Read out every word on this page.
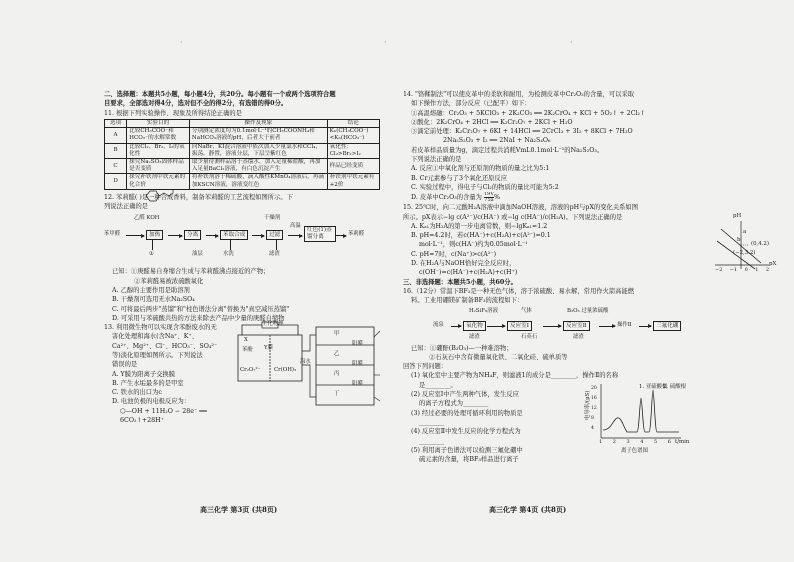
·	·	·
二、选择题：本题共5小题，每小题4分，共20分。每小题有一个或两个选项符合题
目要求，全部选对得4分，选对但不全的得2分，有选错的得0分。
11. 根据下列实验操作、现象及所得结论正确的是
选项	实验目的	操作及现象	结论
A	比较CH₃COO⁻和HCO₃⁻的水解常数	分别测定浓度均为0.1mol·L⁻¹的CH₃COONH₄和NaHCO₃溶液的pH，后者大于前者	Kₕ(CH₃COO⁻)<Kₕ(HCO₃⁻)
B	比较Cl₂、Br₂、I₂的氧化性	向NaBr、KI混合溶液中依次加入少量氯水和CCl₄，振荡，静置，溶液分层，下层呈紫红色	氧化性：Cl₂>Br₂>I₂
C	探究Na₂SO₃固体样品是否变质	取少量待测样品溶于蒸馏水，加入足量稀盐酸，再加入足量BaCl₂溶液，有白色沉淀产生	样品已经变质
D	探究补铁剂中铁元素的化合价	将补铁剂溶于稀硫酸，滴入酸性KMnO₄溶液后，再滴加KSCN溶液，溶液变红色	补铁剂中铁元素有+2价
12. 苯莉醛( )是一种合成香料，制备苯莉醛的工艺流程如图所示。下
列说法正确的是
苯甲醛
乙醛 KOH
加热	分离	苯取合成
干燥剂
过滤
高温
红色(1)蒸馏分离	苯莉醛
①	水洗	滤渣
油层
已知：①庚醛易自身缩合生成与苯莉醛沸点接近的产物；
②苯莉醛易被浓硫酸氧化
A. 乙醇的主要作用是助溶剂
B. 干燥剂可选用无水Na₂SO₄
C. 可将最后两步"蒸馏"和"柱色谱法分离"替换为"真空减压蒸馏"
D. 可采用与苯硫酸共热的方法来除去产品中少量的庚醛自缩物
13. 利用微生物可以实现含苯酚废水的无
害化处理和海水(含Na⁺、K⁺、
Ca²⁺、Mg²⁺、Cl⁻、HCO₃⁻、SO₄²⁻
等)淡化原理如图所示。下列说法
错误的是
A. Y膜为阳离子交换膜
B. 产生水垢最多的是甲室
C. 铁水的出口为c
D. 电池负极的电极反应为：
⬡—OH + 11H₂O − 28e⁻ ══
6CO₂↑+28H⁺
生化物理
X
Y膜
苯酚
Cr₂O₇²⁻	Cr(OH)₃
海水
甲
乙
丙
丁
阳膜
阴膜
阳膜
高三化学 第3页 (共8页)
14. "铬鞣制法"可以使皮革中的柔软和耐用，为检测皮革中Cr₂O₃的含量，可以采取
如下操作方法，部分反应（已配平）如下：
①高温熔融：Cr₂O₃ + 5KClO₃ + 2K₂CO₃ ══ 2K₂CrO₄ + KCl + 5O₂↑ + 2Cl₂↑
②酸化：2K₂CrO₄ + 2HCl ══ K₂Cr₂O₇ + 2KCl + H₂O
③滴定前处理：K₂Cr₂O₇ + 6KI + 14HCl ══ 2CrCl₃ + 3I₂ + 8KCl + 7H₂O
2Na₂S₂O₃ + I₂ ══ 2NaI + Na₂S₄O₆
若皮革样品质量为g，滴定过程共消耗VmL0.1mol·L⁻¹的Na₂S₂O₃。
下列说法正确的是
A. 反应①中氧化剂与还原剂的物质的量之比为5:1
B. Cr元素参与了3个氧化还原反应
C. 实验过程中，得电子与Cl₂的物质的量比可能为5:2
D. 皮革中Cr₂O₃的含量为 $\frac{19V}{75a}$ %
15. 25℃时，向二元酸H₂A溶液中滴加NaOH溶液，溶液的pH与pX的变化关系如图
所示。pX表示−lg c(A²⁻)/c(HA⁻) 或−lg c(HA⁻)/c(H₂A)。下列说法正确的是
A. Kₐ₁为H₂A的第一步电离常数，则−lgKₐ₁=1.2
B. pH=4.2时，若c(HA⁻)+c(H₂A)+c(A²⁻)=0.1
mol·L⁻¹，则c(HA⁻)约为0.05mol·L⁻¹
C. pH=7时，c(Na⁺)>c(A²⁻)
D. 在H₂A与NaOH恰好完全反应时，
c(OH⁻)=c(HA⁻)+c(H₂A)+c(H⁺)
pH
pX
(0,4.2)
(−2,3.2)
a
b
−2 −1 0 1 2
三、非选择题：本题共5小题，共60分。
16.（12分）常温下BF₃是一种无色气体，溶于浓硫酸、易水解，常用作火箭高能燃
料。工业用硼镁矿制备BF₃的流程如下：
H₂SiF₆溶液	气体	B₂O₃ 过量浓硫酸
流泉	氧化物	反应室Ⅰ	反应室Ⅱ	操作Ⅱ	三氟化硼
滤渣	石英石	滤渣
已知：①硼酐(B₂O₃)—一种难溶物；
②石灰石中含有微量氧化铁、二氧化硅、硫单质等
回答下列问题：
(1) 氧化室中主要产物为NH₄F，则滤液1的成分是________，操作Ⅱ的名称
是________。
(2) 反应室Ⅰ中产生两种气体，发生反应
的离子方程式为________
(3) 经过必要的处理可循环利用的物质是
________
(4) 反应室Ⅱ中发生反应的化学方程式为
________
(5) 利用离子色谱法可以检测三氟化硼中
硫元素的含量，将BF₃样品进行离子
电导率/(μS)
1. 亚硫酸根
2. 硫酸根
1 2 3 4 5 6 t/min
20
16
12
8
4
离子色谱图
高三化学 第4页 (共8页)
